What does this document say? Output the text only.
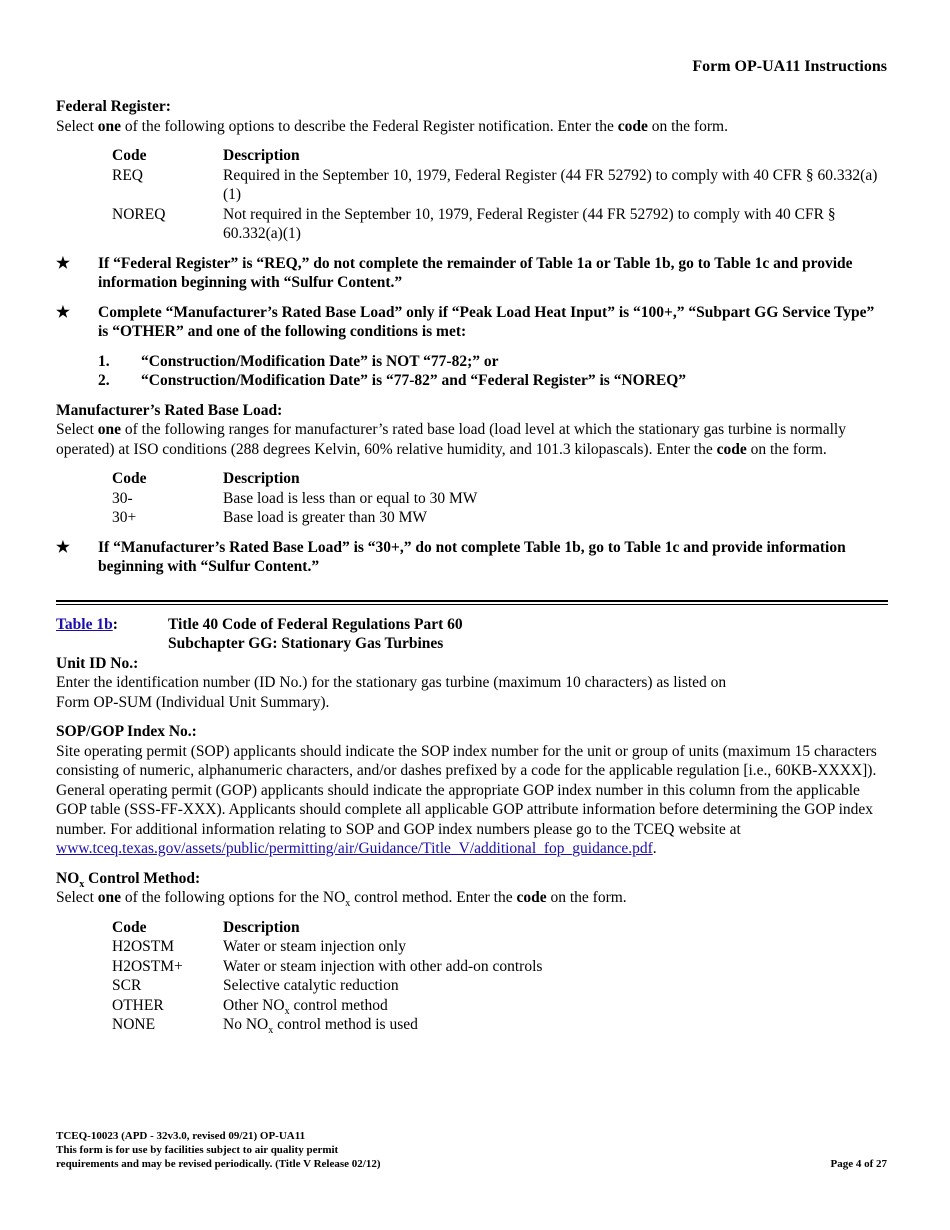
Form OP-UA11 Instructions

Federal Register:

Select one of the following options to describe the Federal Register notification. Enter the code on the form.

Code	Description
REQ	Required in the September 10, 1979, Federal Register (44 FR 52792) to comply with 40 CFR § 60.332(a)(1)
NOREQ	Not required in the September 10, 1979, Federal Register (44 FR 52792) to comply with 40 CFR § 60.332(a)(1)
★	If “Federal Register” is “REQ,” do not complete the remainder of Table 1a or Table 1b, go to Table 1c and provide information beginning with “Sulfur Content.”
★	Complete “Manufacturer’s Rated Base Load” only if “Peak Load Heat Input” is “100+,” “Subpart GG Service Type” is “OTHER” and one of the following conditions is met:
1.	“Construction/Modification Date” is NOT “77-82;” or
2.	“Construction/Modification Date” is “77-82” and “Federal Register” is “NOREQ”

Manufacturer’s Rated Base Load:

Select one of the following ranges for manufacturer’s rated base load (load level at which the stationary gas turbine is normally operated) at ISO conditions (288 degrees Kelvin, 60% relative humidity, and 101.3 kilopascals). Enter the code on the form.

Code	Description
30-	Base load is less than or equal to 30 MW
30+	Base load is greater than 30 MW
★	If “Manufacturer’s Rated Base Load” is “30+,” do not complete Table 1b, go to Table 1c and provide information beginning with “Sulfur Content.”
Table 1b:	Title 40 Code of Federal Regulations Part 60
Subchapter GG: Stationary Gas Turbines

Unit ID No.:

Enter the identification number (ID No.) for the stationary gas turbine (maximum 10 characters) as listed on

Form OP-SUM (Individual Unit Summary).

SOP/GOP Index No.:

Site operating permit (SOP) applicants should indicate the SOP index number for the unit or group of units (maximum 15 characters consisting of numeric, alphanumeric characters, and/or dashes prefixed by a code for the applicable regulation [i.e., 60KB-XXXX]). General operating permit (GOP) applicants should indicate the appropriate GOP index number in this column from the applicable GOP table (SSS-FF-XXX). Applicants should complete all applicable GOP attribute information before determining the GOP index number. For additional information relating to SOP and GOP index numbers please go to the TCEQ website at www.tceq.texas.gov/assets/public/permitting/air/Guidance/Title_V/additional_fop_guidance.pdf.

$NO_x$ Control Method:

Select one of the following options for the $NO_x$ control method. Enter the code on the form.

Code	Description
H2OSTM	Water or steam injection only
H2OSTM+	Water or steam injection with other add-on controls
SCR	Selective catalytic reduction
OTHER	Other $NO_x$ control method
NONE	No $NO_x$ control method is used
TCEQ-10023 (APD - 32v3.0, revised 09/21) OP-UA11
This form is for use by facilities subject to air quality permit
requirements and may be revised periodically. (Title V Release 02/12)	Page 4 of 27
